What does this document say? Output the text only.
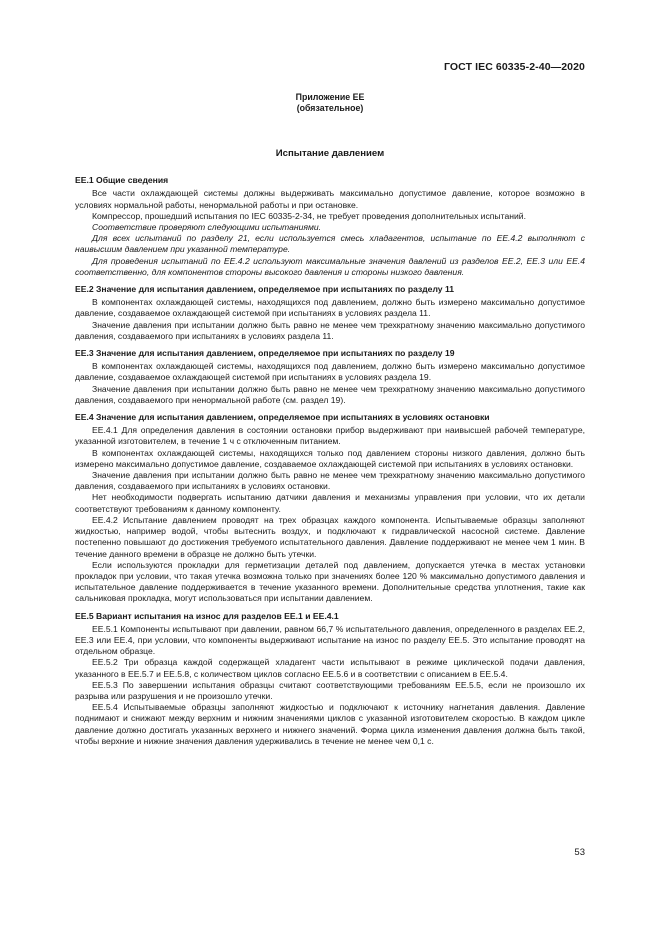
ГОСТ IEC 60335-2-40—2020
Приложение ЕЕ
(обязательное)
Испытание давлением
EE.1 Общие сведения

Все части охлаждающей системы должны выдерживать максимально допустимое давление, которое возможно в условиях нормальной работы, ненормальной работы и при остановке.

Компрессор, прошедший испытания по IEC 60335-2-34, не требует проведения дополнительных испытаний.

Соответствие проверяют следующими испытаниями.

Для всех испытаний по разделу 21, если используется смесь хладагентов, испытание по ЕЕ.4.2 выполняют с наивысшим давлением при указанной температуре.

Для проведения испытаний по ЕЕ.4.2 используют максимальные значения давлений из разделов ЕЕ.2, ЕЕ.3 или ЕЕ.4 соответственно, для компонентов стороны высокого давления и стороны низкого давления.

EE.2 Значение для испытания давлением, определяемое при испытаниях по разделу 11

В компонентах охлаждающей системы, находящихся под давлением, должно быть измерено максимально допустимое давление, создаваемое охлаждающей системой при испытаниях в условиях раздела 11.

Значение давления при испытании должно быть равно не менее чем трехкратному значению максимально допустимого давления, создаваемого при испытаниях в условиях раздела 11.

EE.3 Значение для испытания давлением, определяемое при испытаниях по разделу 19

В компонентах охлаждающей системы, находящихся под давлением, должно быть измерено максимально допустимое давление, создаваемое охлаждающей системой при испытаниях в условиях раздела 19.

Значение давления при испытании должно быть равно не менее чем трехкратному значению максимально допустимого давления, создаваемого при ненормальной работе (см. раздел 19).

EE.4 Значение для испытания давлением, определяемое при испытаниях в условиях остановки

ЕЕ.4.1 Для определения давления в состоянии остановки прибор выдерживают при наивысшей рабочей температуре, указанной изготовителем, в течение 1 ч с отключенным питанием.

В компонентах охлаждающей системы, находящихся только под давлением стороны низкого давления, должно быть измерено максимально допустимое давление, создаваемое охлаждающей системой при испытаниях в условиях остановки.

Значение давления при испытании должно быть равно не менее чем трехкратному значению максимально допустимого давления, создаваемого при испытаниях в условиях остановки.

Нет необходимости подвергать испытанию датчики давления и механизмы управления при условии, что их детали соответствуют требованиям к данному компоненту.

ЕЕ.4.2 Испытание давлением проводят на трех образцах каждого компонента. Испытываемые образцы заполняют жидкостью, например водой, чтобы вытеснить воздух, и подключают к гидравлической насосной системе. Давление постепенно повышают до достижения требуемого испытательного давления. Давление поддерживают не менее чем 1 мин. В течение данного времени в образце не должно быть утечки.

Если используются прокладки для герметизации деталей под давлением, допускается утечка в местах установки прокладок при условии, что такая утечка возможна только при значениях более 120 % максимально допустимого давления и испытательное давление поддерживается в течение указанного времени. Дополнительные средства уплотнения, такие как сальниковая прокладка, могут использоваться при испытании давлением.

EE.5 Вариант испытания на износ для разделов ЕЕ.1 и ЕЕ.4.1

ЕЕ.5.1 Компоненты испытывают при давлении, равном 66,7 % испытательного давления, определенного в разделах ЕЕ.2, ЕЕ.3 или ЕЕ.4, при условии, что компоненты выдерживают испытание на износ по разделу ЕЕ.5. Это испытание проводят на отдельном образце.

ЕЕ.5.2 Три образца каждой содержащей хладагент части испытывают в режиме циклической подачи давления, указанного в ЕЕ.5.7 и ЕЕ.5.8, с количеством циклов согласно ЕЕ.5.6 и в соответствии с описанием в ЕЕ.5.4.

ЕЕ.5.3 По завершении испытания образцы считают соответствующими требованиям ЕЕ.5.5, если не произошло их разрыва или разрушения и не произошло утечки.

ЕЕ.5.4 Испытываемые образцы заполняют жидкостью и подключают к источнику нагнетания давления. Давление поднимают и снижают между верхним и нижним значениями циклов с указанной изготовителем скоростью. В каждом цикле давление должно достигать указанных верхнего и нижнего значений. Форма цикла изменения давления должна быть такой, чтобы верхние и нижние значения давления удерживались в течение не менее чем 0,1 с.

53
